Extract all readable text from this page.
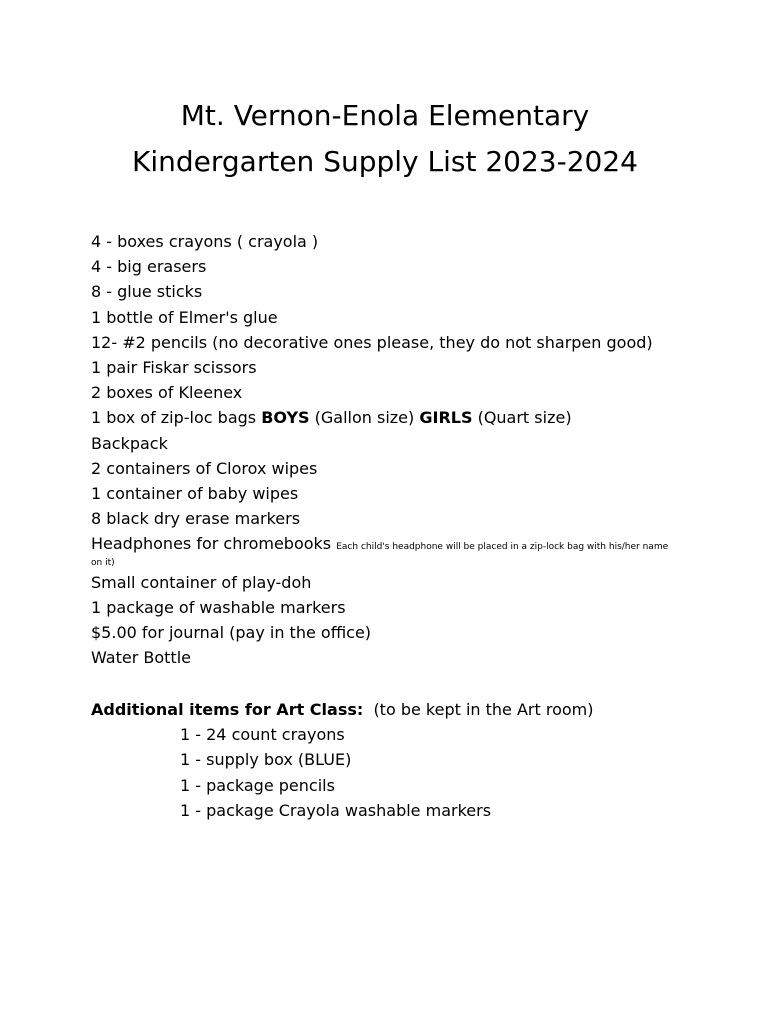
Mt. Vernon-Enola Elementary
Kindergarten Supply List 2023-2024
4 - boxes crayons ( crayola )
4 - big erasers
8 - glue sticks
1 bottle of Elmer's glue
12- #2 pencils (no decorative ones please, they do not sharpen good)
1 pair Fiskar scissors
2 boxes of Kleenex
1 box of zip-loc bags BOYS (Gallon size) GIRLS (Quart size)
Backpack
2 containers of Clorox wipes
1 container of baby wipes
8 black dry erase markers
Headphones for chromebooks Each child's headphone will be placed in a zip-lock bag with his/her name
on it)
Small container of play-doh
1 package of washable markers
$5.00 for journal (pay in the office)
Water Bottle

Additional items for Art Class: (to be kept in the Art room)

1 - 24 count crayons
1 - supply box (BLUE)
1 - package pencils
1 - package Crayola washable markers
